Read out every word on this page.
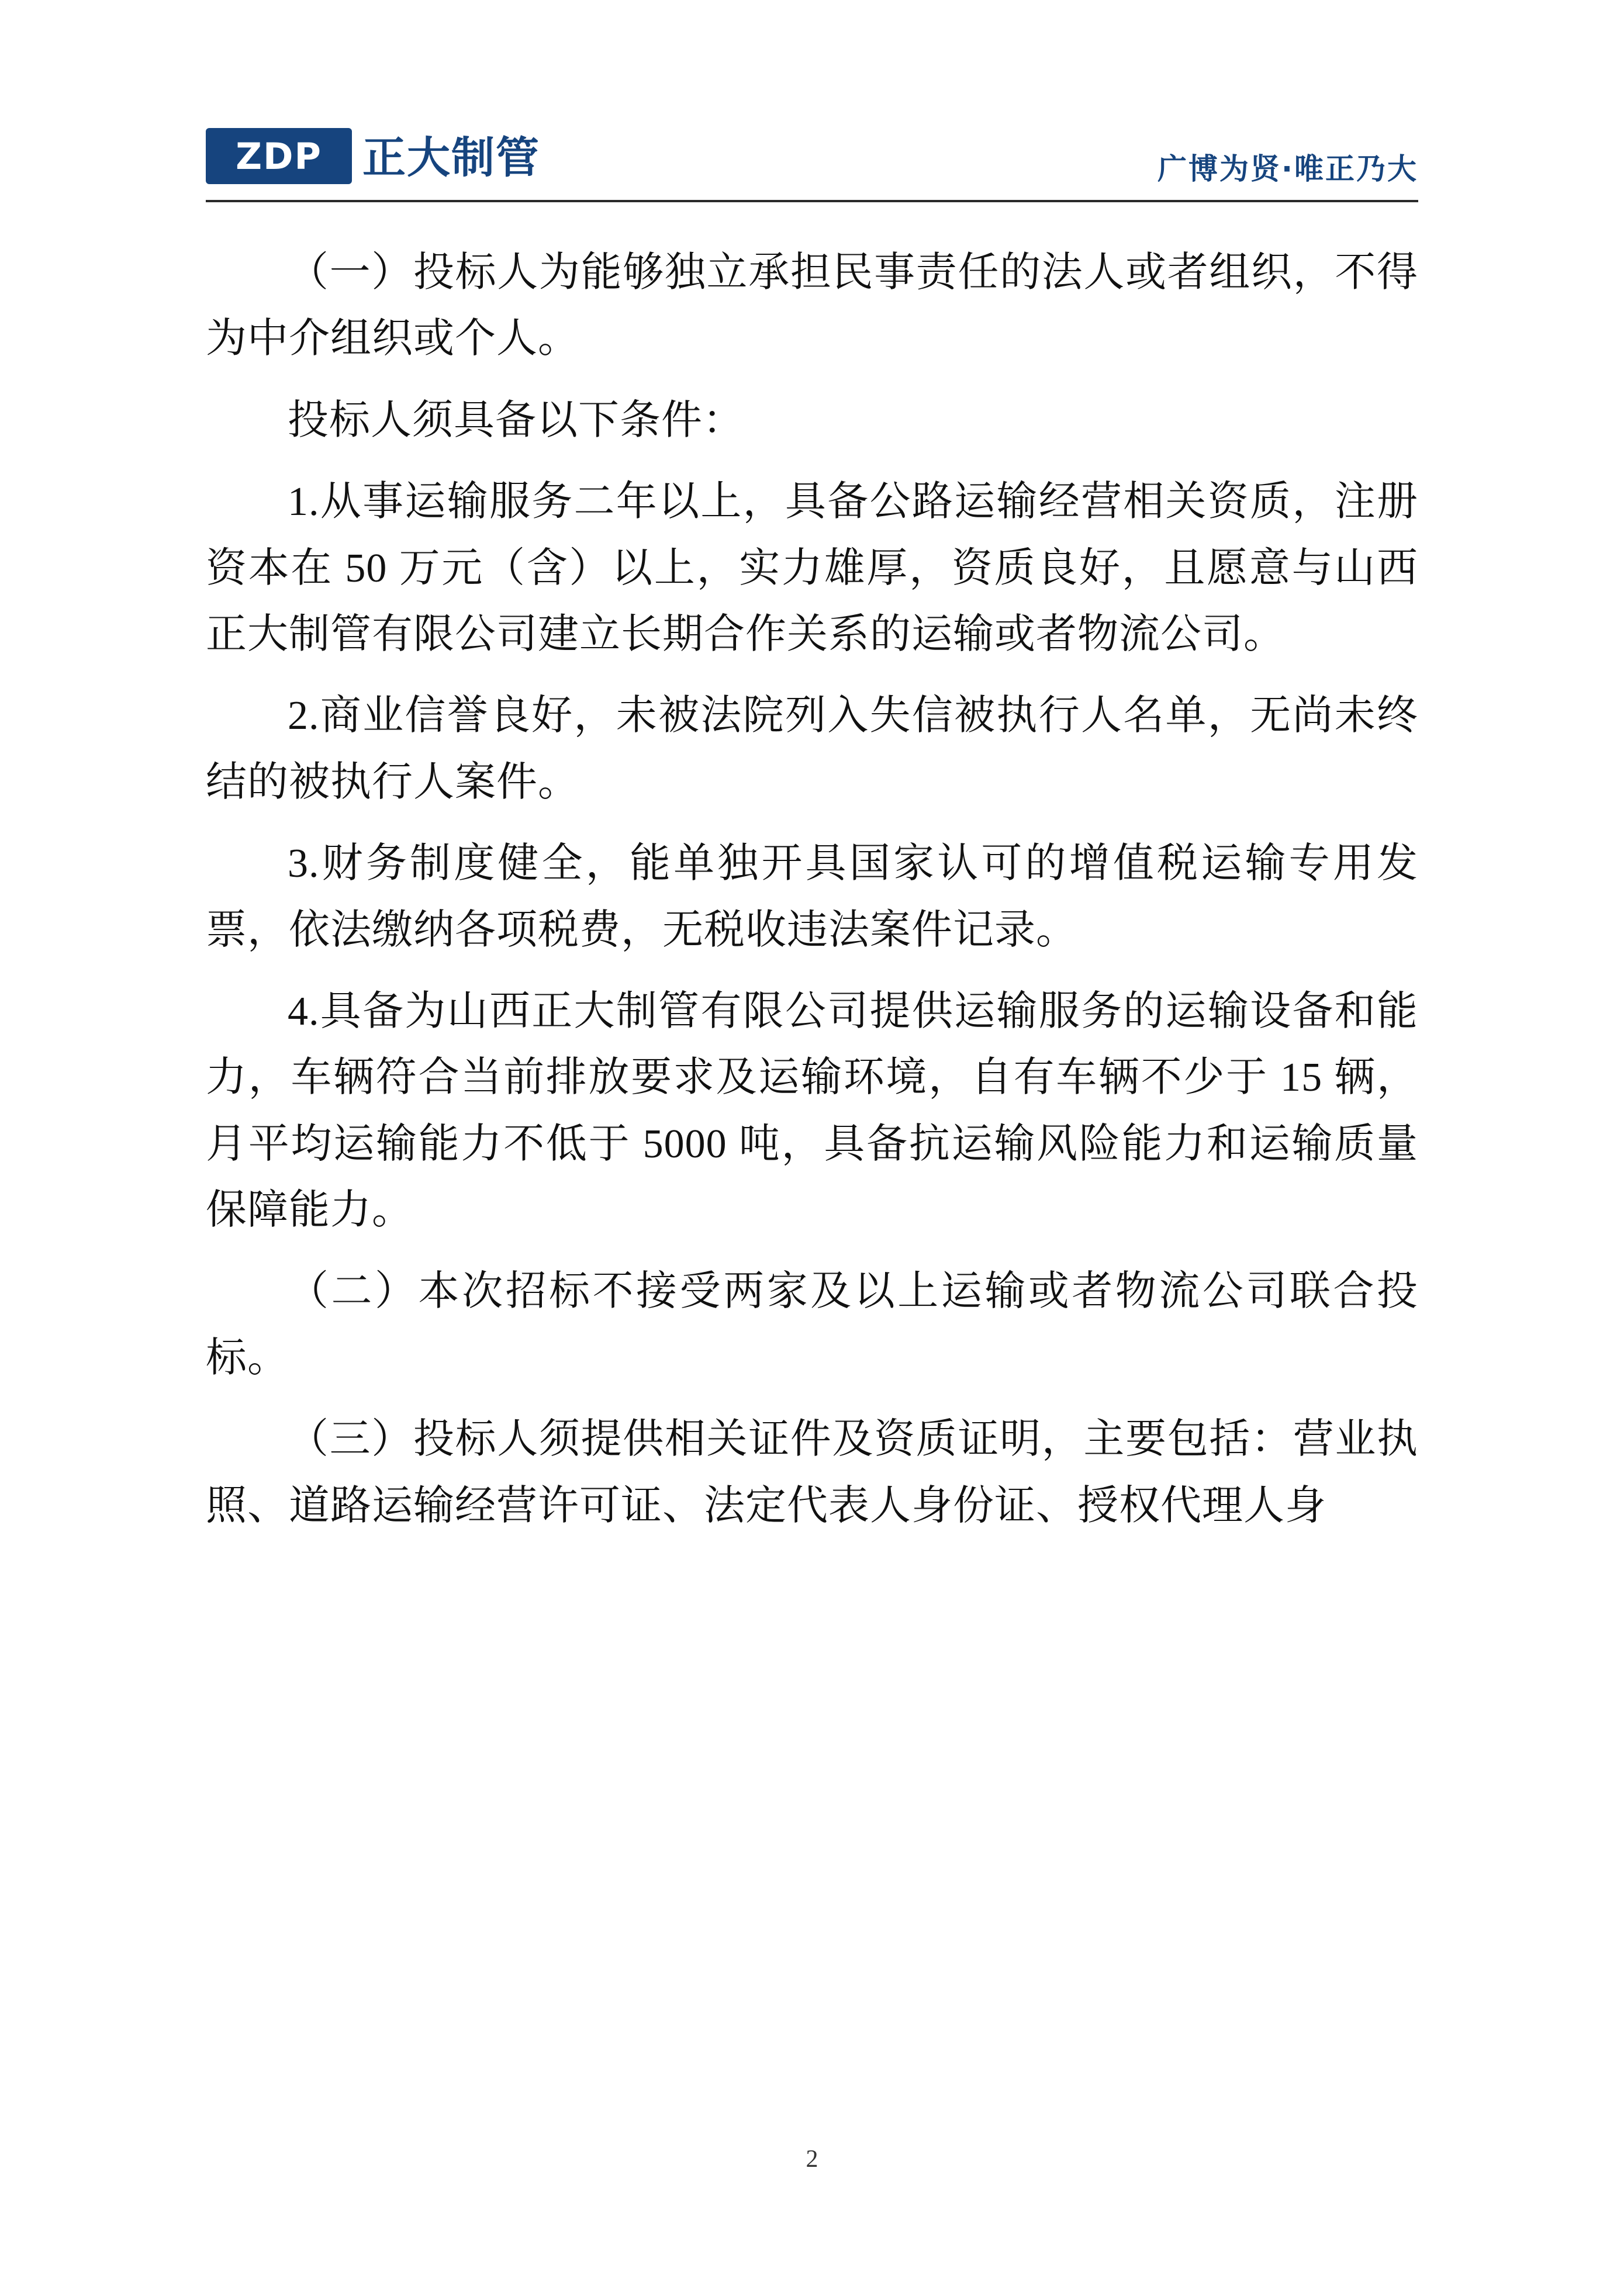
ZDP 正大制管	广博为贤·唯正乃大

（一）投标人为能够独立承担民事责任的法人或者组织，不得为中介组织或个人。

投标人须具备以下条件：

1.从事运输服务二年以上，具备公路运输经营相关资质，注册资本在 50 万元（含）以上，实力雄厚，资质良好，且愿意与山西正大制管有限公司建立长期合作关系的运输或者物流公司。

2.商业信誉良好，未被法院列入失信被执行人名单，无尚未终结的被执行人案件。

3.财务制度健全，能单独开具国家认可的增值税运输专用发票，依法缴纳各项税费，无税收违法案件记录。

4.具备为山西正大制管有限公司提供运输服务的运输设备和能力，车辆符合当前排放要求及运输环境，自有车辆不少于 15 辆，月平均运输能力不低于 5000 吨，具备抗运输风险能力和运输质量保障能力。

（二）本次招标不接受两家及以上运输或者物流公司联合投标。

（三）投标人须提供相关证件及资质证明，主要包括：营业执照、道路运输经营许可证、法定代表人身份证、授权代理人身

2
